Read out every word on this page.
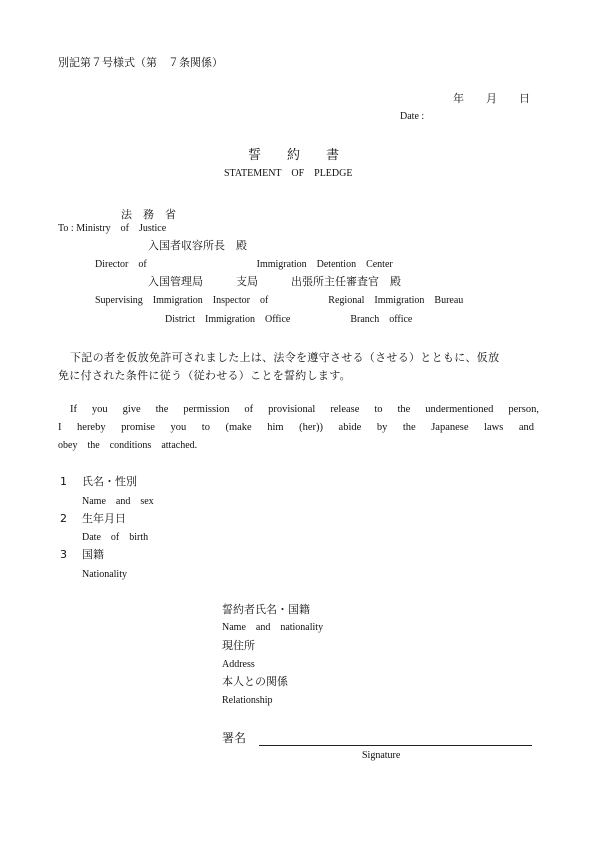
別記第７号様式（第　７条関係）
年　　月　　日
Date :
誓　　約　　書
STATEMENT　OF　PLEDGE
法　務　省
To : Ministry　of　Justice
入国者収容所長　殿
Director　of　　　　　　　　　　　Immigration　Detention　Center
入国管理局　　　支局　　　出張所主任審査官　殿
Supervising　Immigration　Inspector　of　　　　　　Regional　Immigration　Bureau
District　Immigration　Office　　　　　　Branch　office
下記の者を仮放免許可されました上は、法令を遵守させる（させる）とともに、仮放
免に付された条件に従う（従わせる）ことを誓約します。
If you give the permission of provisional release to the undermentioned person,
I hereby promise you to (make him (her)) abide by the Japanese laws and
obey　the　conditions　attached.
1 氏名・性別
Name　and　sex
2 生年月日
Date　of　birth
3 国籍
Nationality
誓約者氏名・国籍
Name　and　nationality
現住所
Address
本人との関係
Relationship
署名
Signature
